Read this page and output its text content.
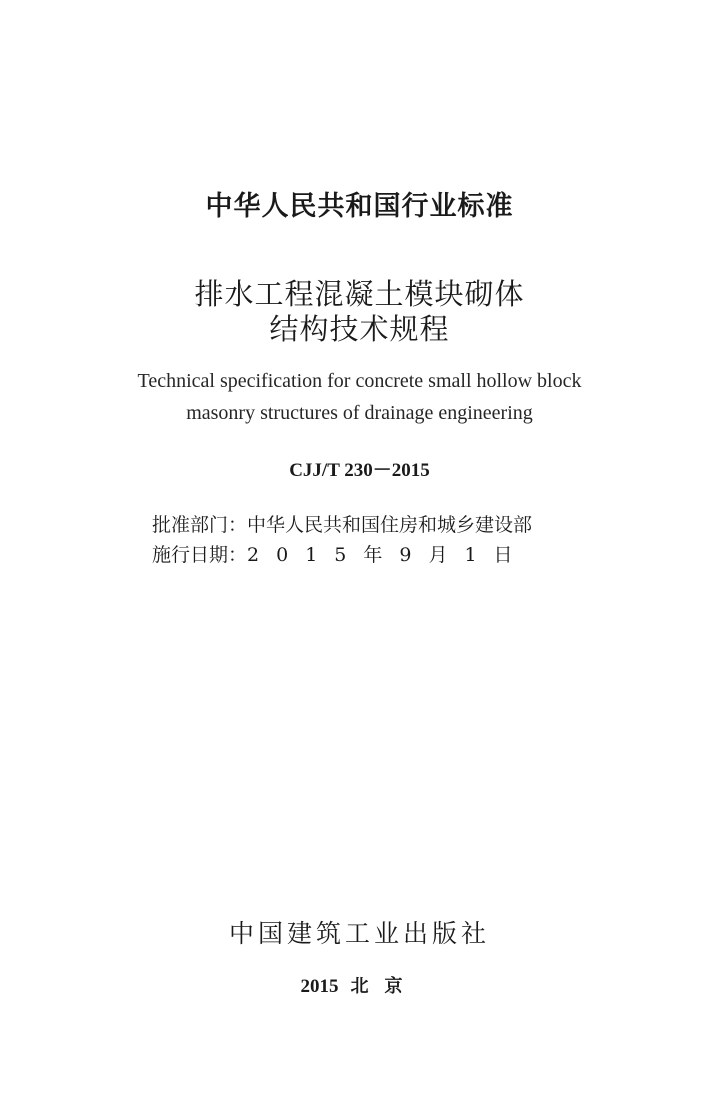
中华人民共和国行业标准
排水工程混凝土模块砌体
结构技术规程
Technical specification for concrete small hollow block
masonry structures of drainage engineering
CJJ/T 230－2015
批准部门：中华人民共和国住房和城乡建设部
施行日期：2015年9月1日
中国建筑工业出版社
2015 北京
